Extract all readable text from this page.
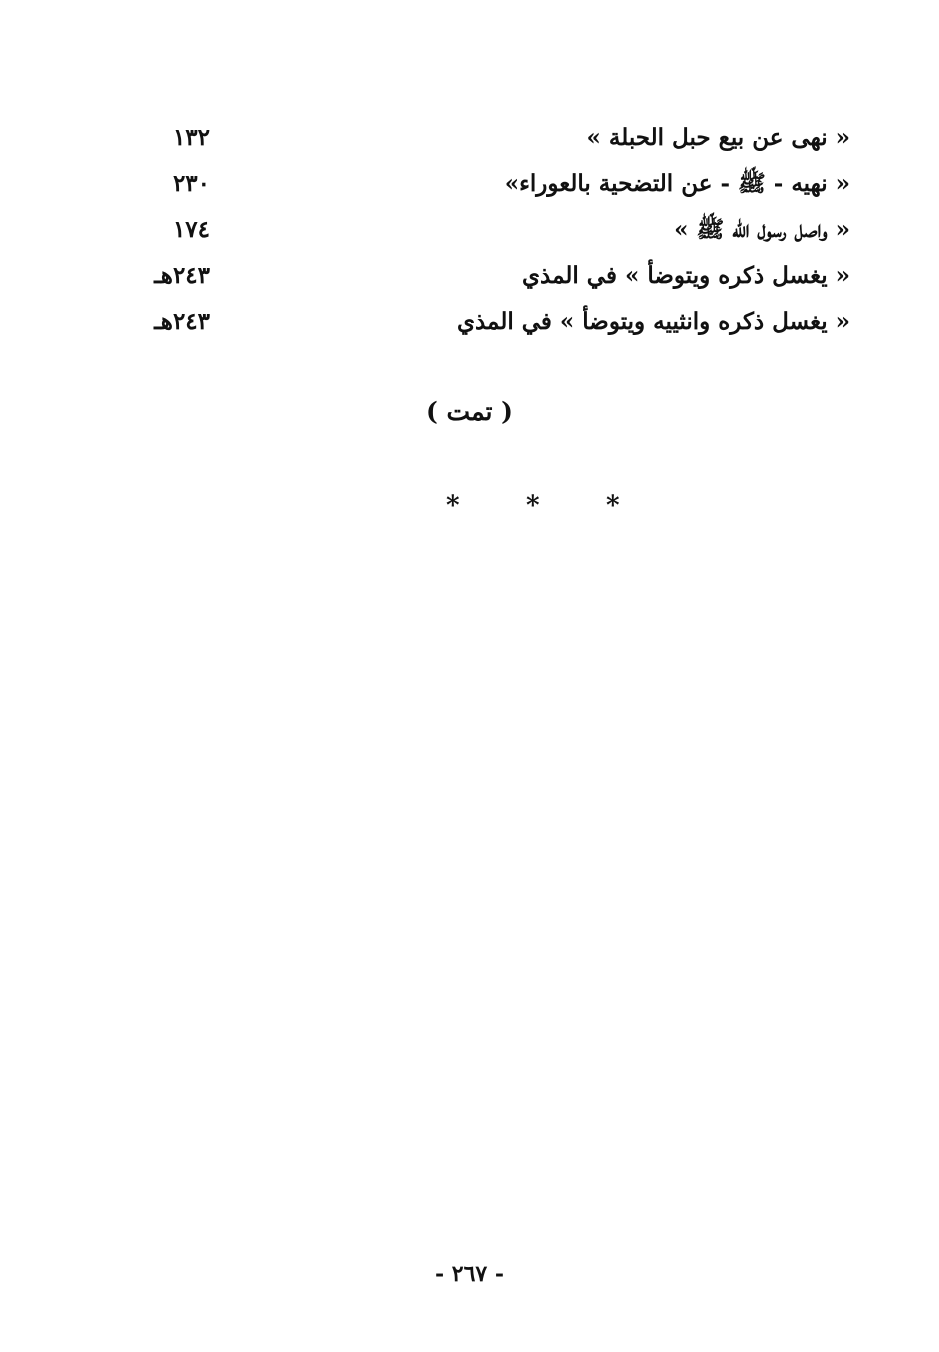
« نهى عن بيع حبل الحبلة »
١٣٢
« نهيه - ﷺ - عن التضحية بالعوراء»
٢٣٠
« واصل رسول الله ﷺ »
١٧٤
« يغسل ذكره ويتوضأ » في المذي
٢٤٣هـ
« يغسل ذكره وانثييه ويتوضأ » في المذي
٢٤٣هـ
( تمت )
*	*	*
- ٢٦٧ -
